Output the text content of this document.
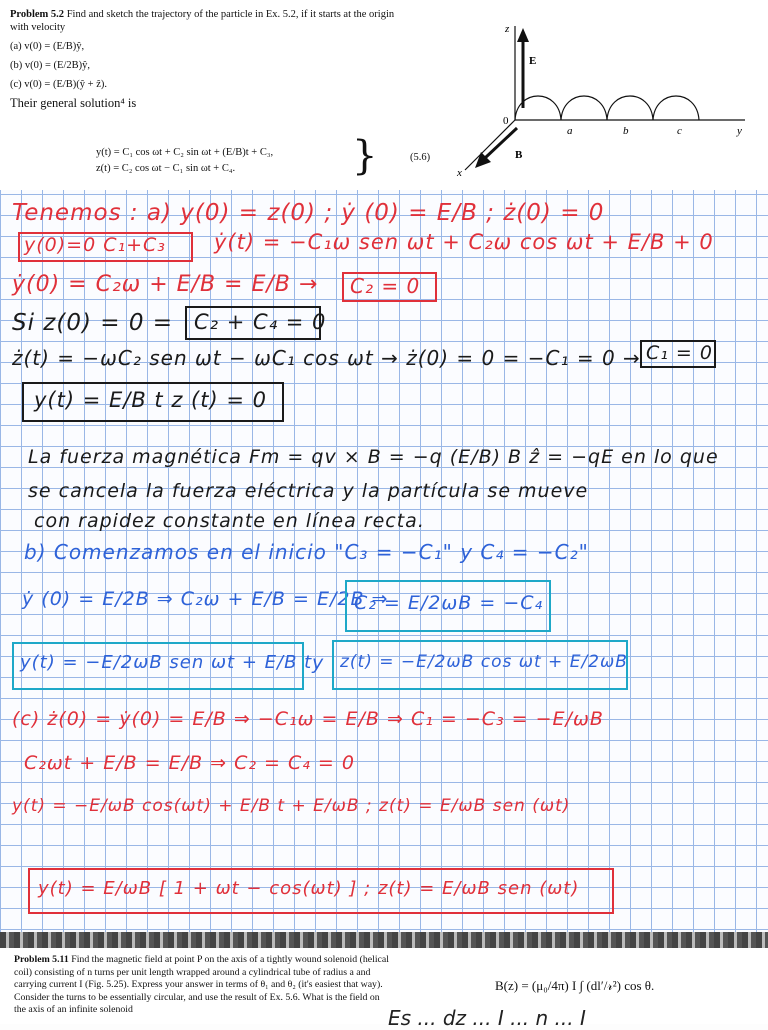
Problem 5.2 Find and sketch the trajectory of the particle in Ex. 5.2, if it starts at the origin with velocity
(a) v(0) = (E/B)ŷ,
(b) v(0) = (E/2B)ŷ,
(c) v(0) = (E/B)(ŷ + ẑ).
Their general solution⁴ is
y(t) = C₁ cos ωt + C₂ sin ωt + (E/B)t + C₃,
z(t) = C₂ cos ωt − C₁ sin ωt + C₄.	}	(5.6)
z
E
0
a	b	c	y
B
x
Tenemos : a) y(0) = z(0) ; ẏ (0) = E/B ; ż(0) = 0
y(0)=0 C₁+C₃ ẏ(t) = −C₁ω sen ωt + C₂ω cos ωt + E/B + 0
ẏ(0) = C₂ω + E/B = E/B → C₂ = 0
Si z(0) = 0 = C₂ + C₄ = 0
ż(t) = −ωC₂ sen ωt − ωC₁ cos ωt → ż(0) = 0 = −C₁ = 0 → C₁ = 0
y(t) = E/B t z (t) = 0
La fuerza magnética Fm = qv × B = −q (E/B) B ẑ = −qE en lo que
se cancela la fuerza eléctrica y la partícula se mueve
con rapidez constante en línea recta.
b) Comenzamos en el inicio "C₃ = −C₁" y C₄ = −C₂"
ẏ (0) = E/2B ⇒ C₂ω + E/B = E/2B ⇒
C₂ = E/2ωB = −C₄
y(t) = −E/2ωB sen ωt + E/B t y z(t) = −E/2ωB cos ωt + E/2ωB
(c) ż(0) = ẏ(0) = E/B ⇒ −C₁ω = E/B ⇒ C₁ = −C₃ = −E/ωB
C₂ωt + E/B = E/B ⇒ C₂ = C₄ = 0
y(t) = −E/ωB cos(ωt) + E/B t + E/ωB ; z(t) = E/ωB sen (ωt)
y(t) = E/ωB [ 1 + ωt − cos(ωt) ] ; z(t) = E/ωB sen (ωt)
Problem 5.11 Find the magnetic field at point P on the axis of a tightly wound solenoid (helical coil) consisting of n turns per unit length wrapped around a cylindrical tube of radius a and carrying current I (Fig. 5.25). Express your answer in terms of θ₁ and θ₂ (it's easiest that way). Consider the turns to be essentially circular, and use the result of Ex. 5.6. What is the field on the axis of an infinite solenoid
B(z) = (μ₀/4π) I ∫ (dl′/𝓇²) cos θ.
Es ... dz ... I ... n ... I
